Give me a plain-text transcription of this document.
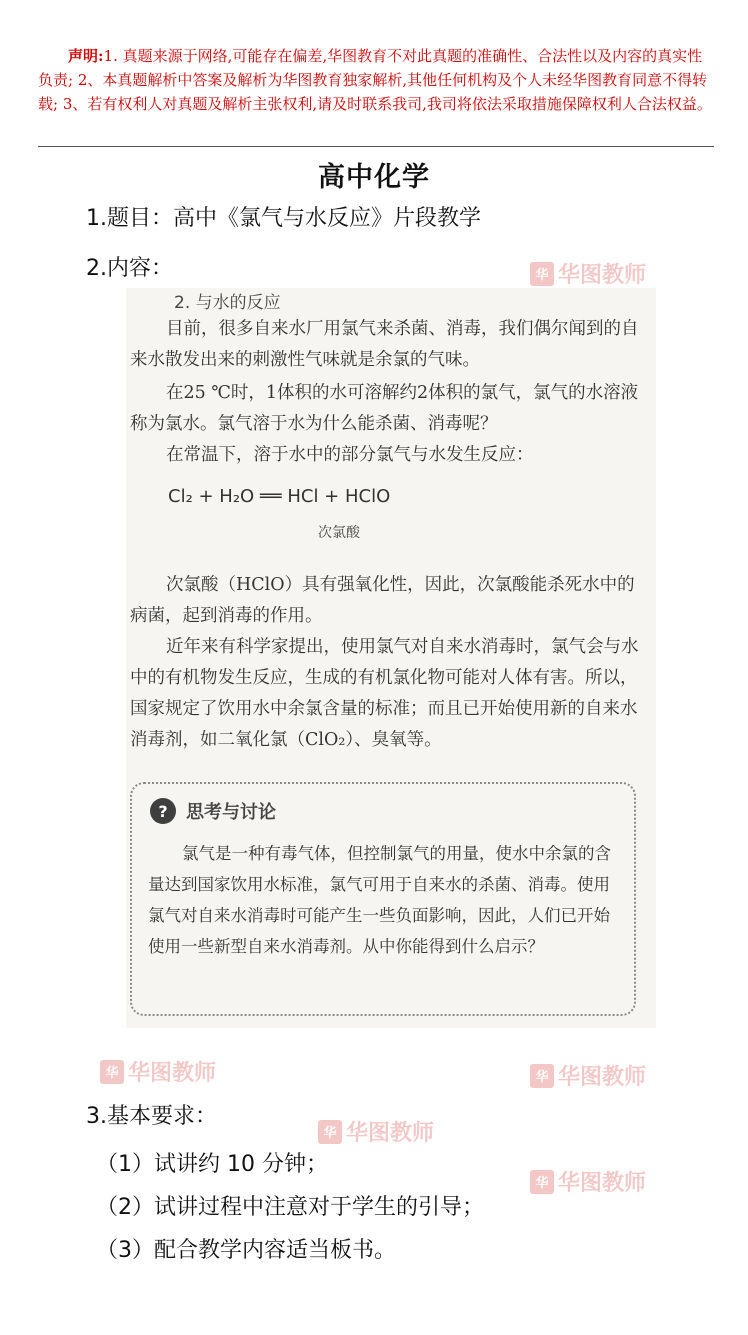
声明:1. 真题来源于网络,可能存在偏差,华图教育不对此真题的准确性、合法性以及内容的真实性负责; 2、本真题解析中答案及解析为华图教育独家解析,其他任何机构及个人未经华图教育同意不得转载; 3、若有权利人对真题及解析主张权利,请及时联系我司,我司将依法采取措施保障权利人合法权益。
高中化学
1.题目：高中《氯气与水反应》片段教学
2.内容：	华 华图教师
2. 与水的反应
目前，很多自来水厂用氯气来杀菌、消毒，我们偶尔闻到的自来水散发出来的刺激性气味就是余氯的气味。
在25 ℃时，1体积的水可溶解约2体积的氯气，氯气的水溶液称为氯水。氯气溶于水为什么能杀菌、消毒呢？
在常温下，溶于水中的部分氯气与水发生反应：
Cl₂ + H₂O ══ HCl + HClO
次氯酸
次氯酸（HClO）具有强氧化性，因此，次氯酸能杀死水中的病菌，起到消毒的作用。
近年来有科学家提出，使用氯气对自来水消毒时，氯气会与水中的有机物发生反应，生成的有机氯化物可能对人体有害。所以，国家规定了饮用水中余氯含量的标准；而且已开始使用新的自来水消毒剂，如二氧化氯（ClO₂）、臭氧等。
?	思考与讨论
氯气是一种有毒气体，但控制氯气的用量，使水中余氯的含量达到国家饮用水标准，氯气可用于自来水的杀菌、消毒。使用氯气对自来水消毒时可能产生一些负面影响，因此，人们已开始使用一些新型自来水消毒剂。从中你能得到什么启示？
华 华图教师	华 华图教师
华 华图教师
华 华图教师
3.基本要求：
（1）试讲约 10 分钟；
（2）试讲过程中注意对于学生的引导；
（3）配合教学内容适当板书。
